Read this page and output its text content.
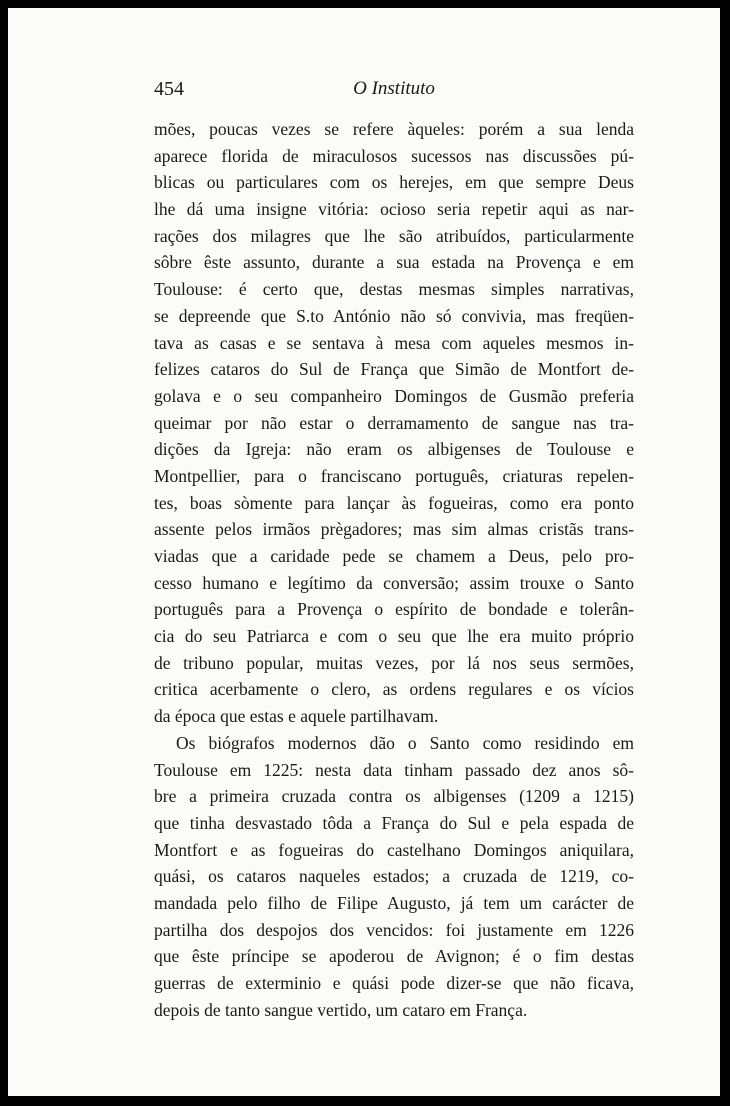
454	O Instituto
mões, poucas vezes se refere àqueles: porém a sua lenda
aparece florida de miraculosos sucessos nas discussões pú-
blicas ou particulares com os herejes, em que sempre Deus
lhe dá uma insigne vitória: ocioso seria repetir aqui as nar-
rações dos milagres que lhe são atribuídos, particularmente
sôbre êste assunto, durante a sua estada na Provença e em
Toulouse: é certo que, destas mesmas simples narrativas,
se depreende que S.to António não só convivia, mas freqüen-
tava as casas e se sentava à mesa com aqueles mesmos in-
felizes cataros do Sul de França que Simão de Montfort de-
golava e o seu companheiro Domingos de Gusmão preferia
queimar por não estar o derramamento de sangue nas tra-
dições da Igreja: não eram os albigenses de Toulouse e
Montpellier, para o franciscano português, criaturas repelen-
tes, boas sòmente para lançar às fogueiras, como era ponto
assente pelos irmãos prègadores; mas sim almas cristãs trans-
viadas que a caridade pede se chamem a Deus, pelo pro-
cesso humano e legítimo da conversão; assim trouxe o Santo
português para a Provença o espírito de bondade e tolerân-
cia do seu Patriarca e com o seu que lhe era muito próprio
de tribuno popular, muitas vezes, por lá nos seus sermões,
critica acerbamente o clero, as ordens regulares e os vícios
da época que estas e aquele partilhavam.
Os biógrafos modernos dão o Santo como residindo em
Toulouse em 1225: nesta data tinham passado dez anos sô-
bre a primeira cruzada contra os albigenses (1209 a 1215)
que tinha desvastado tôda a França do Sul e pela espada de
Montfort e as fogueiras do castelhano Domingos aniquilara,
quási, os cataros naqueles estados; a cruzada de 1219, co-
mandada pelo filho de Filipe Augusto, já tem um carácter de
partilha dos despojos dos vencidos: foi justamente em 1226
que êste príncipe se apoderou de Avignon; é o fim destas
guerras de exterminio e quási pode dizer-se que não ficava,
depois de tanto sangue vertido, um cataro em França.
